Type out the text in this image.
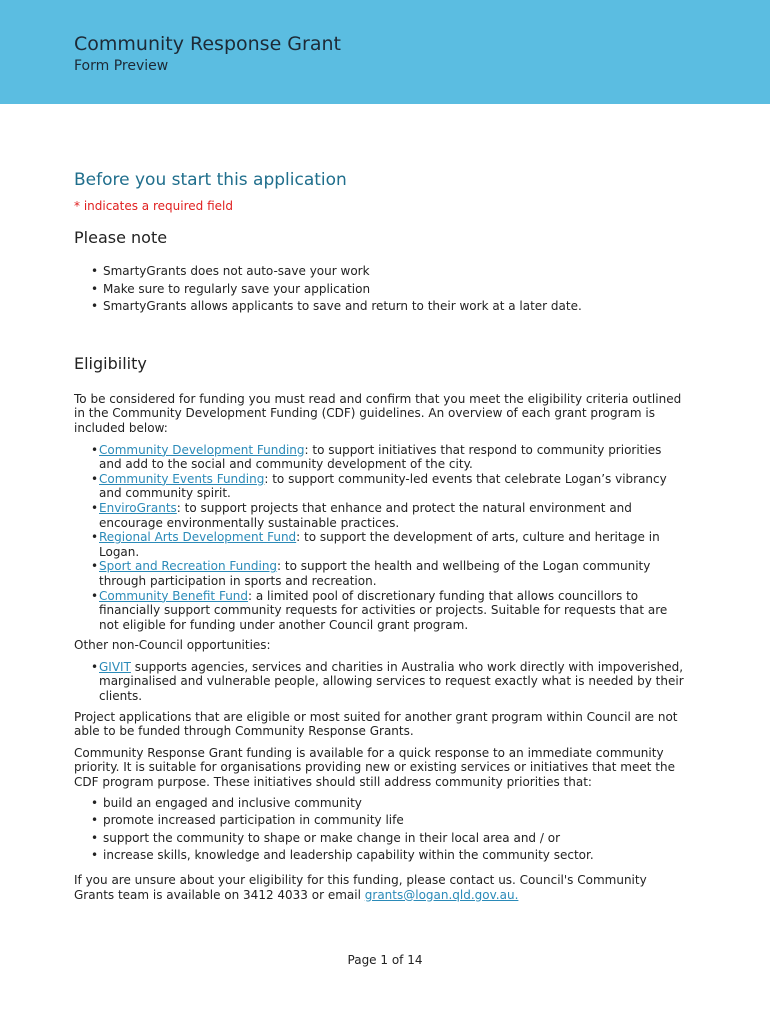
Community Response Grant
Form Preview
Before you start this application
* indicates a required field
Please note
• SmartyGrants does not auto-save your work
• Make sure to regularly save your application
• SmartyGrants allows applicants to save and return to their work at a later date.
Eligibility

To be considered for funding you must read and confirm that you meet the eligibility criteria outlined in the Community Development Funding (CDF) guidelines. An overview of each grant program is included below:

• Community Development Funding: to support initiatives that respond to community priorities and add to the social and community development of the city.
• Community Events Funding: to support community-led events that celebrate Logan’s vibrancy and community spirit.
• EnviroGrants: to support projects that enhance and protect the natural environment and encourage environmentally sustainable practices.
• Regional Arts Development Fund: to support the development of arts, culture and heritage in Logan.
• Sport and Recreation Funding: to support the health and wellbeing of the Logan community through participation in sports and recreation.
• Community Benefit Fund: a limited pool of discretionary funding that allows councillors to financially support community requests for activities or projects. Suitable for requests that are not eligible for funding under another Council grant program.

Other non-Council opportunities:

• GIVIT supports agencies, services and charities in Australia who work directly with impoverished, marginalised and vulnerable people, allowing services to request exactly what is needed by their clients.

Project applications that are eligible or most suited for another grant program within Council are not able to be funded through Community Response Grants.

Community Response Grant funding is available for a quick response to an immediate community priority. It is suitable for organisations providing new or existing services or initiatives that meet the CDF program purpose. These initiatives should still address community priorities that:

• build an engaged and inclusive community
• promote increased participation in community life
• support the community to shape or make change in their local area and / or
• increase skills, knowledge and leadership capability within the community sector.

If you are unsure about your eligibility for this funding, please contact us. Council's Community Grants team is available on 3412 4033 or email grants@logan.qld.gov.au.

Page 1 of 14
